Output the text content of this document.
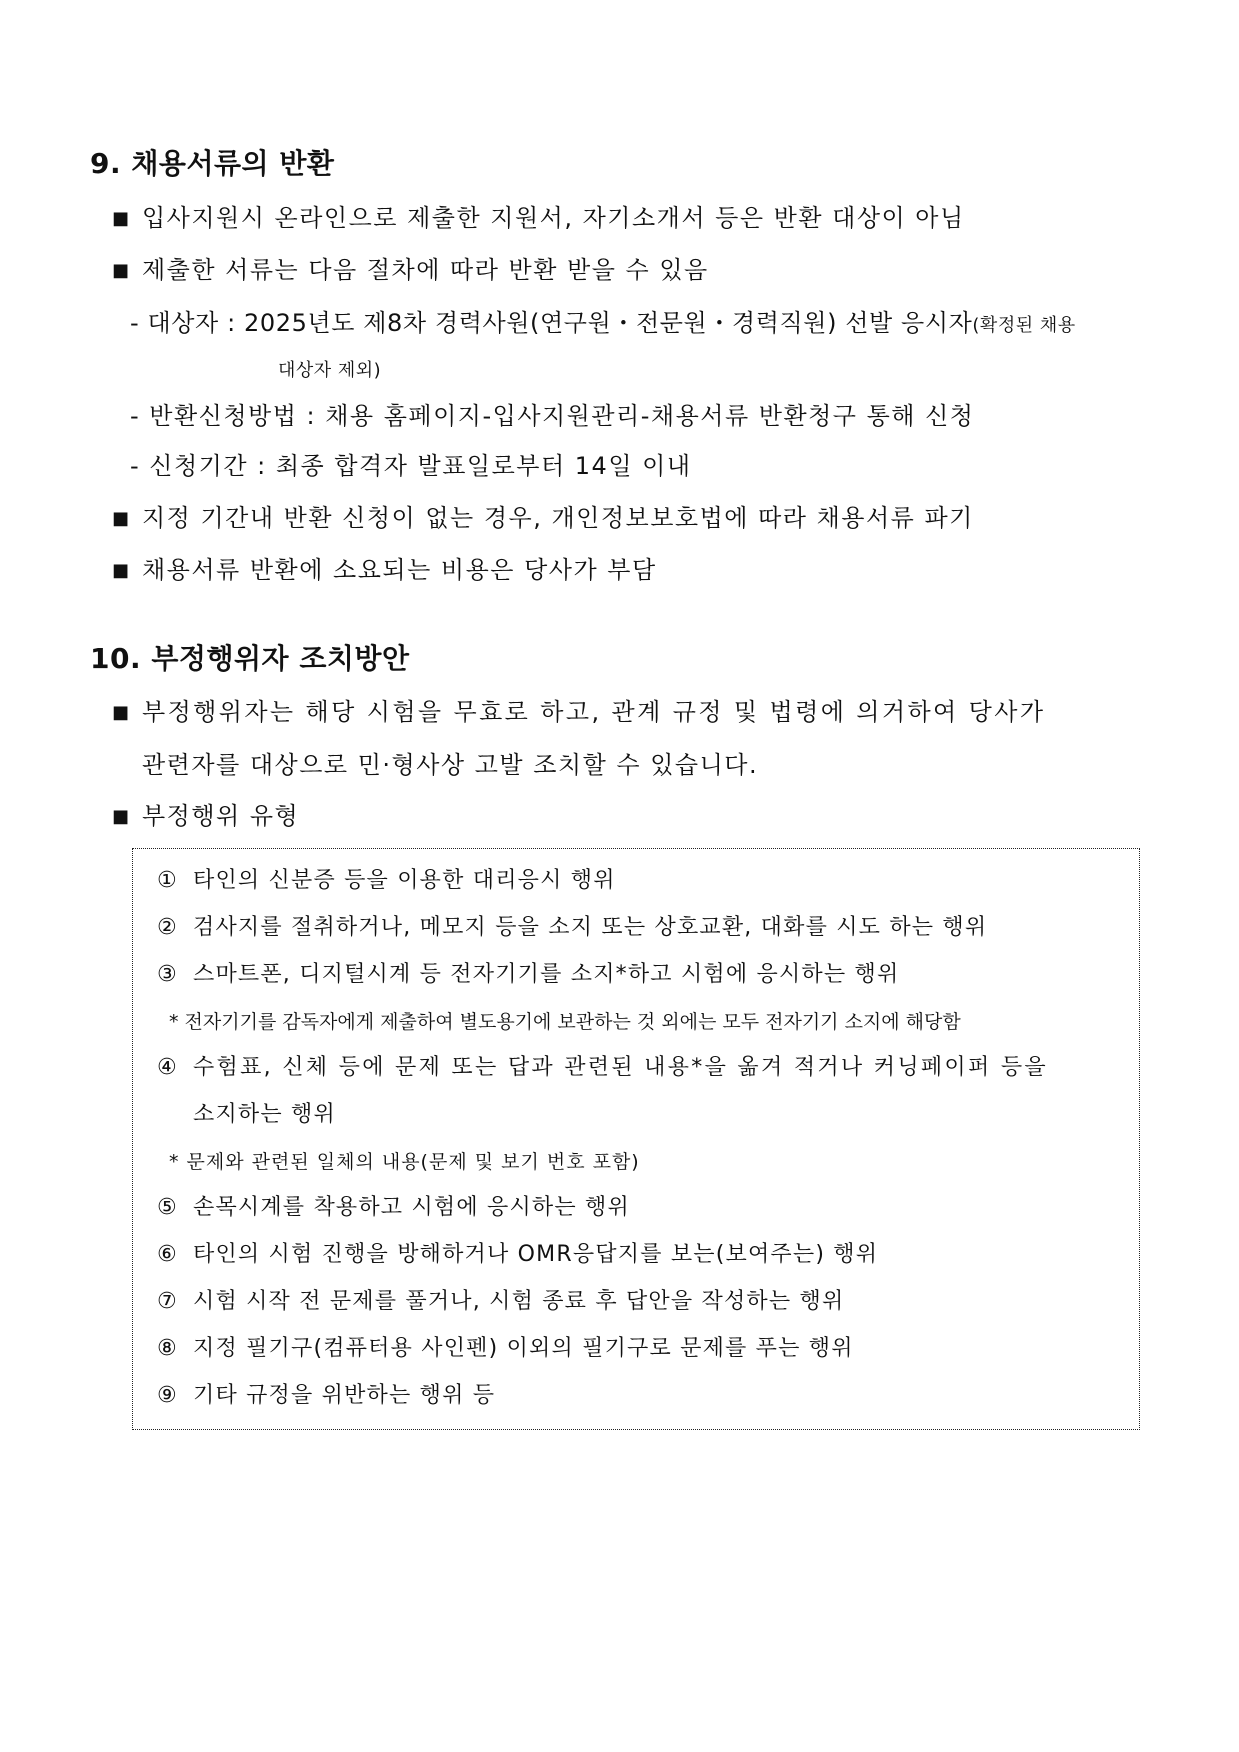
9. 채용서류의 반환
■ 입사지원시 온라인으로 제출한 지원서, 자기소개서 등은 반환 대상이 아님
■ 제출한 서류는 다음 절차에 따라 반환 받을 수 있음
- 대상자 : 2025년도 제8차 경력사원(연구원・전문원・경력직원) 선발 응시자(확정된 채용
대상자 제외)
- 반환신청방법 : 채용 홈페이지-입사지원관리-채용서류 반환청구 통해 신청
- 신청기간 : 최종 합격자 발표일로부터 14일 이내
■ 지정 기간내 반환 신청이 없는 경우, 개인정보보호법에 따라 채용서류 파기
■ 채용서류 반환에 소요되는 비용은 당사가 부담
10. 부정행위자 조치방안
■ 부정행위자는 해당 시험을 무효로 하고, 관계 규정 및 법령에 의거하여 당사가
관련자를 대상으로 민·형사상 고발 조치할 수 있습니다.
■ 부정행위 유형
① 타인의 신분증 등을 이용한 대리응시 행위
② 검사지를 절취하거나, 메모지 등을 소지 또는 상호교환, 대화를 시도 하는 행위
③ 스마트폰, 디지털시계 등 전자기기를 소지*하고 시험에 응시하는 행위
* 전자기기를 감독자에게 제출하여 별도용기에 보관하는 것 외에는 모두 전자기기 소지에 해당함
④ 수험표, 신체 등에 문제 또는 답과 관련된 내용*을 옮겨 적거나 커닝페이퍼 등을
소지하는 행위
* 문제와 관련된 일체의 내용(문제 및 보기 번호 포함)
⑤ 손목시계를 착용하고 시험에 응시하는 행위
⑥ 타인의 시험 진행을 방해하거나 OMR응답지를 보는(보여주는) 행위
⑦ 시험 시작 전 문제를 풀거나, 시험 종료 후 답안을 작성하는 행위
⑧ 지정 필기구(컴퓨터용 사인펜) 이외의 필기구로 문제를 푸는 행위
⑨ 기타 규정을 위반하는 행위 등
